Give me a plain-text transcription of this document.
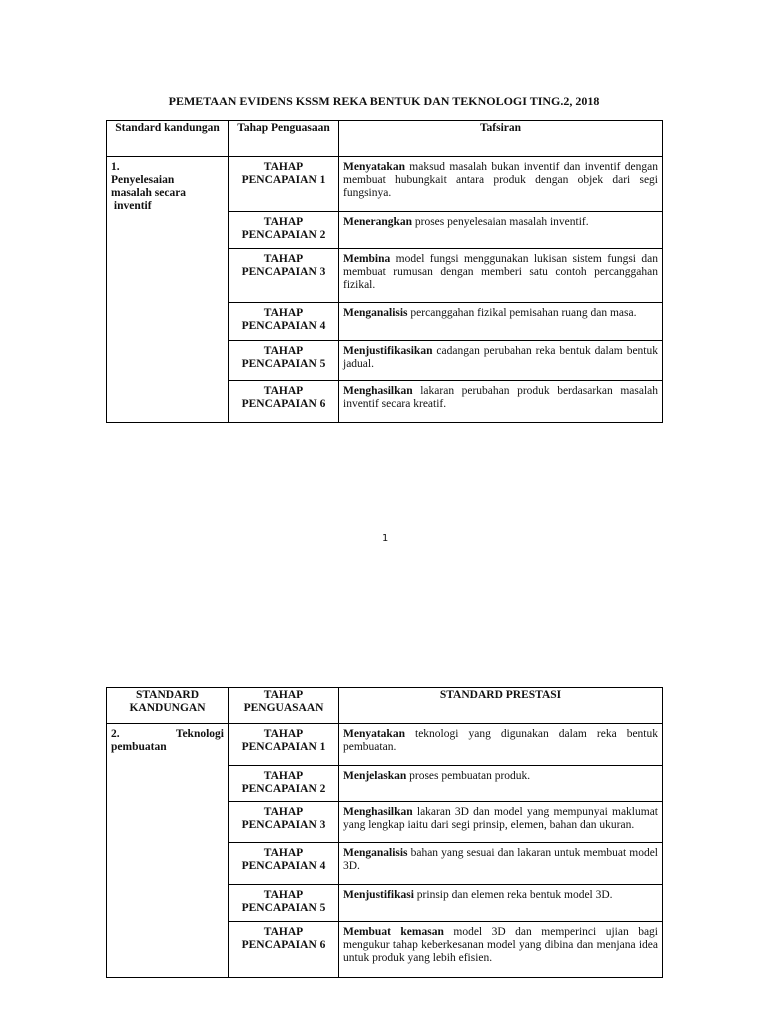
PEMETAAN EVIDENS KSSM REKA BENTUK DAN TEKNOLOGI TING.2, 2018
Standard kandungan	Tahap Penguasaan	Tafsiran

1.
Penyelesaian
masalah secara
inventif	TAHAP
PENCAPAIAN 1	Menyatakan maksud masalah bukan inventif dan inventif dengan membuat hubungkait antara produk dengan objek dari segi fungsinya.

	TAHAP
PENCAPAIAN 2	Menerangkan proses penyelesaian masalah inventif.

	TAHAP
PENCAPAIAN 3	Membina model fungsi menggunakan lukisan sistem fungsi dan membuat rumusan dengan memberi satu contoh percanggahan fizikal.

	TAHAP
PENCAPAIAN 4	Menganalisis percanggahan fizikal pemisahan ruang dan masa.

	TAHAP
PENCAPAIAN 5	Menjustifikasikan cadangan perubahan reka bentuk dalam bentuk jadual.

	TAHAP
PENCAPAIAN 6	Menghasilkan lakaran perubahan produk berdasarkan masalah inventif secara kreatif.
1
STANDARD
KANDUNGAN	TAHAP
PENGUASAAN	STANDARD PRESTASI

2. Teknologi
pembuatan	TAHAP
PENCAPAIAN 1	Menyatakan teknologi yang digunakan dalam reka bentuk pembuatan.

	TAHAP
PENCAPAIAN 2	Menjelaskan proses pembuatan produk.

	TAHAP
PENCAPAIAN 3	Menghasilkan lakaran 3D dan model yang mempunyai maklumat yang lengkap iaitu dari segi prinsip, elemen, bahan dan ukuran.

	TAHAP
PENCAPAIAN 4	Menganalisis bahan yang sesuai dan lakaran untuk membuat model 3D.

	TAHAP
PENCAPAIAN 5	Menjustifikasi prinsip dan elemen reka bentuk model 3D.

	TAHAP
PENCAPAIAN 6	Membuat kemasan model 3D dan memperinci ujian bagi mengukur tahap keberkesanan model yang dibina dan menjana idea untuk produk yang lebih efisien.
